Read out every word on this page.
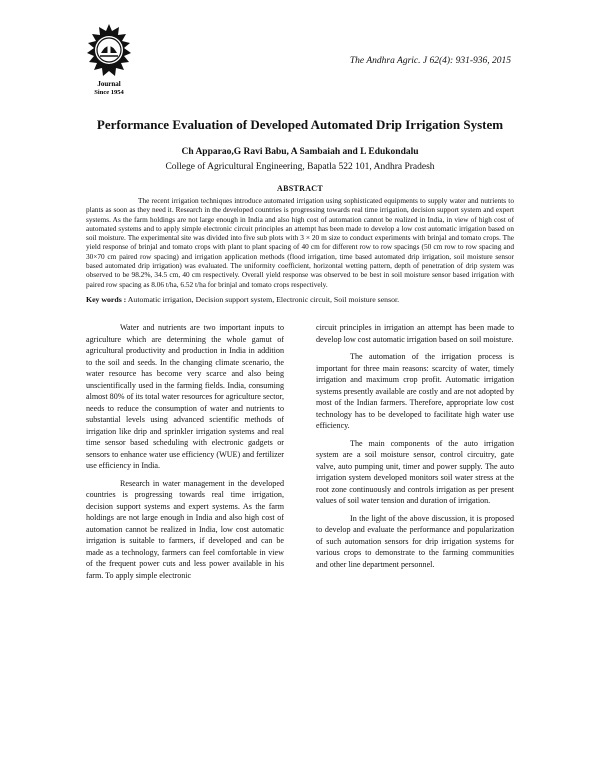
Journal
Since 1954
The Andhra Agric. J 62(4): 931-936, 2015
Performance Evaluation of Developed Automated Drip Irrigation System
Ch Apparao,G Ravi Babu, A Sambaiah and L Edukondalu
College of Agricultural Engineering, Bapatla 522 101, Andhra Pradesh
ABSTRACT

The recent irrigation techniques introduce automated irrigation using sophisticated equipments to supply water and nutrients to plants as soon as they need it. Research in the developed countries is progressing towards real time irrigation, decision support system and expert systems. As the farm holdings are not large enough in India and also high cost of automation cannot be realized in India, in view of high cost of automated systems and to apply simple electronic circuit principles an attempt has been made to develop a low cost automatic irrigation based on soil moisture. The experimental site was divided into five sub plots with 3 × 20 m size to conduct experiments with brinjal and tomato crops. The yield response of brinjal and tomato crops with plant to plant spacing of 40 cm for different row to row spacings (50 cm row to row spacing and 30×70 cm paired row spacing) and irrigation application methods (flood irrigation, time based automated drip irrigation, soil moisture sensor based automated drip irrigation) was evaluated. The uniformity coefficient, horizontal wetting pattern, depth of penetration of drip system was observed to be 98.2%, 34.5 cm, 40 cm respectively. Overall yield response was observed to be best in soil moisture sensor based irrigation with paired row spacing as 8.06 t/ha, 6.52 t/ha for brinjal and tomato crops respectively.

Key words : Automatic irrigation, Decision support system, Electronic circuit, Soil moisture sensor.

Water and nutrients are two important inputs to agriculture which are determining the whole gamut of agricultural productivity and production in India in addition to the soil and seeds. In the changing climate scenario, the water resource has become very scarce and also being unscientifically used in the farming fields. India, consuming almost 80% of its total water resources for agriculture sector, needs to reduce the consumption of water and nutrients to substantial levels using advanced scientific methods of irrigation like drip and sprinkler irrigation systems and real time sensor based scheduling with electronic gadgets or sensors to enhance water use efficiency (WUE) and fertilizer use efficiency in India.

Research in water management in the developed countries is progressing towards real time irrigation, decision support systems and expert systems. As the farm holdings are not large enough in India and also high cost of automation cannot be realized in India, low cost automatic irrigation is suitable to farmers, if developed and can be made as a technology, farmers can feel comfortable in view of the frequent power cuts and less power available in his farm. To apply simple electronic

circuit principles in irrigation an attempt has been made to develop low cost automatic irrigation based on soil moisture.

The automation of the irrigation process is important for three main reasons: scarcity of water, timely irrigation and maximum crop profit. Automatic irrigation systems presently available are costly and are not adopted by most of the Indian farmers. Therefore, appropriate low cost technology has to be developed to facilitate high water use efficiency.

The main components of the auto irrigation system are a soil moisture sensor, control circuitry, gate valve, auto pumping unit, timer and power supply. The auto irrigation system developed monitors soil water stress at the root zone continuously and controls irrigation as per present values of soil water tension and duration of irrigation.

In the light of the above discussion, it is proposed to develop and evaluate the performance and popularization of such automation sensors for drip irrigation systems for various crops to demonstrate to the farming communities and other line department personnel.
